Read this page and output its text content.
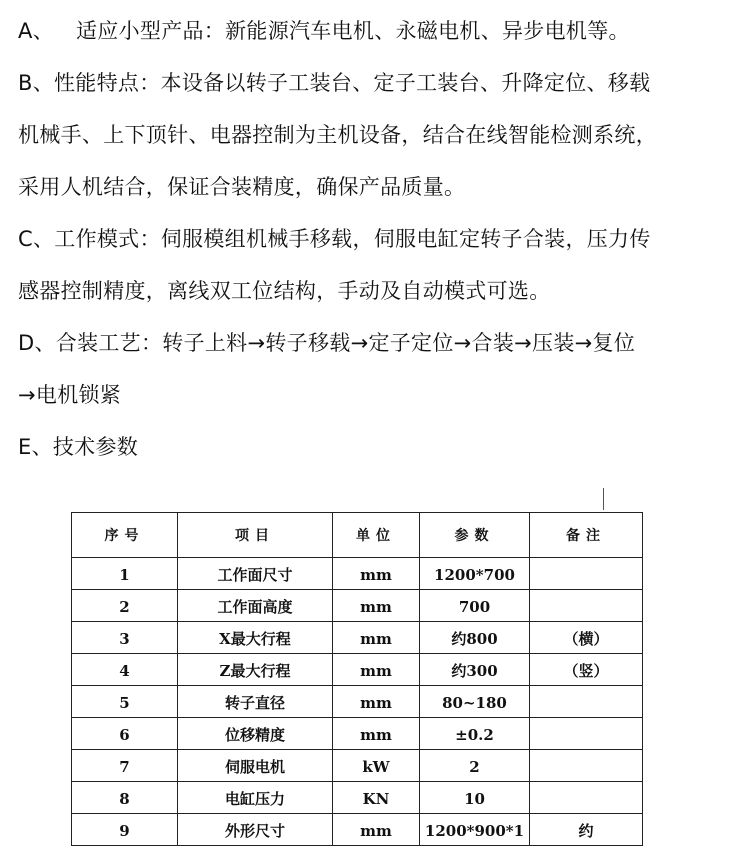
A、 适应小型产品：新能源汽车电机、永磁电机、异步电机等。
B、性能特点：本设备以转子工装台、定子工装台、升降定位、移载
机械手、上下顶针、电器控制为主机设备，结合在线智能检测系统，
采用人机结合，保证合装精度，确保产品质量。
C、工作模式：伺服模组机械手移载，伺服电缸定转子合装，压力传
感器控制精度，离线双工位结构，手动及自动模式可选。
D、合装工艺：转子上料→转子移载→定子定位→合装→压装→复位
→电机锁紧
E、技术参数
序号	项目	单位	参数	备注
1	工作面尺寸	mm	1200*700	
2	工作面高度	mm	700	
3	X最大行程	mm	约800	（横）
4	Z最大行程	mm	约300	（竖）
5	转子直径	mm	80~180	
6	位移精度	mm	±0.2	
7	伺服电机	kW	2	
8	电缸压力	KN	10	
9	外形尺寸	mm	1200*900*1	约
